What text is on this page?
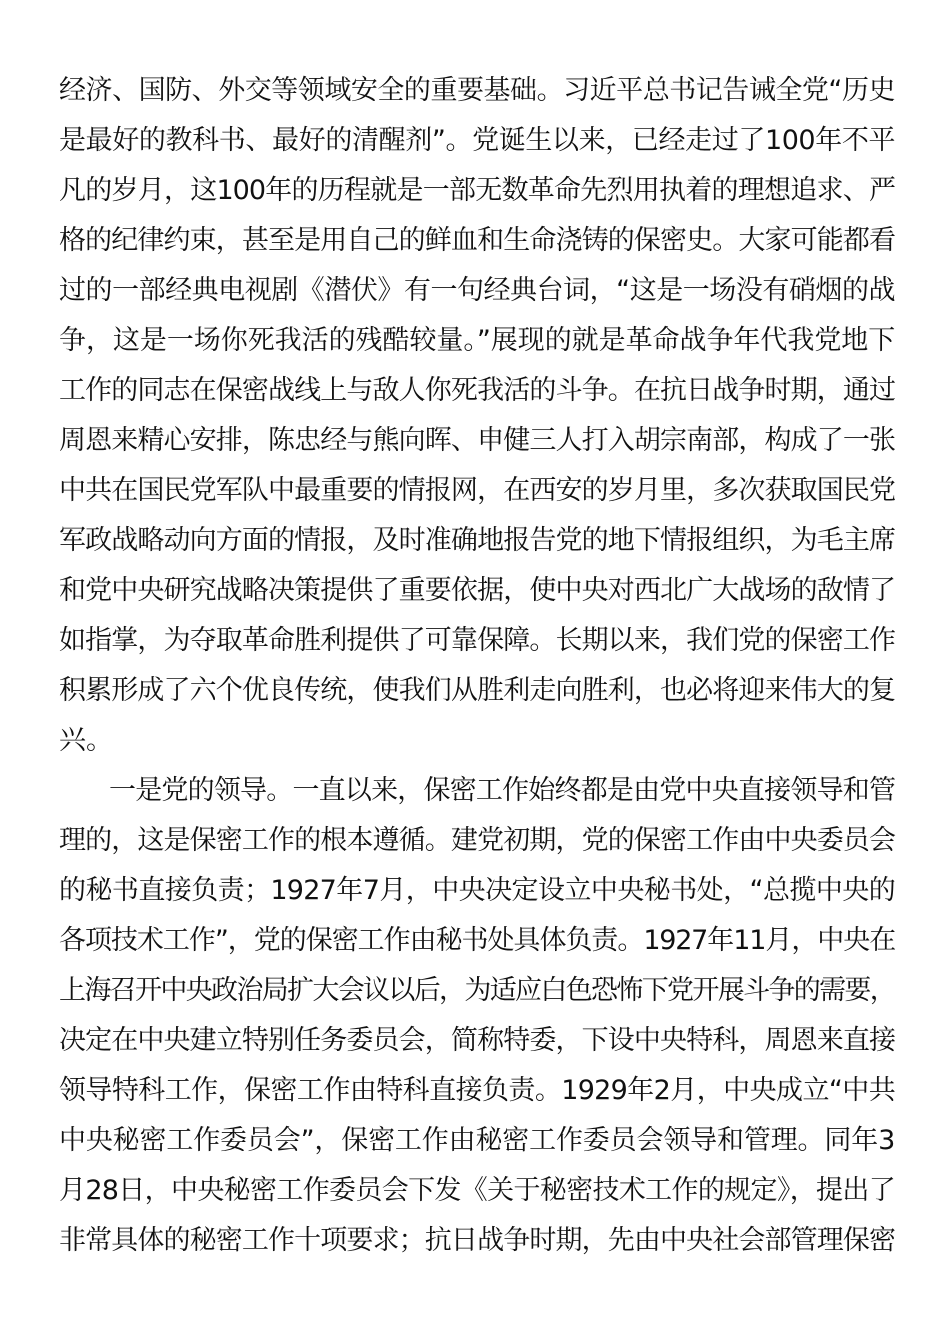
经济、国防、外交等领域安全的重要基础。习近平总书记告诫全党“历史
是最好的教科书、最好的清醒剂”。党诞生以来，已经走过了100年不平
凡的岁月，这100年的历程就是一部无数革命先烈用执着的理想追求、严
格的纪律约束，甚至是用自己的鲜血和生命浇铸的保密史。大家可能都看
过的一部经典电视剧《潜伏》有一句经典台词，“这是一场没有硝烟的战
争，这是一场你死我活的残酷较量。”展现的就是革命战争年代我党地下
工作的同志在保密战线上与敌人你死我活的斗争。在抗日战争时期，通过
周恩来精心安排，陈忠经与熊向晖、申健三人打入胡宗南部，构成了一张
中共在国民党军队中最重要的情报网，在西安的岁月里，多次获取国民党
军政战略动向方面的情报，及时准确地报告党的地下情报组织，为毛主席
和党中央研究战略决策提供了重要依据，使中央对西北广大战场的敌情了
如指掌，为夺取革命胜利提供了可靠保障。长期以来，我们党的保密工作
积累形成了六个优良传统，使我们从胜利走向胜利，也必将迎来伟大的复
兴。
一是党的领导。一直以来，保密工作始终都是由党中央直接领导和管
理的，这是保密工作的根本遵循。建党初期，党的保密工作由中央委员会
的秘书直接负责；1927年7月，中央决定设立中央秘书处，“总揽中央的
各项技术工作”，党的保密工作由秘书处具体负责。1927年11月，中央在
上海召开中央政治局扩大会议以后，为适应白色恐怖下党开展斗争的需要，
决定在中央建立特别任务委员会，简称特委，下设中央特科，周恩来直接
领导特科工作，保密工作由特科直接负责。1929年2月，中央成立“中共
中央秘密工作委员会”，保密工作由秘密工作委员会领导和管理。同年3
月28日，中央秘密工作委员会下发《关于秘密技术工作的规定》，提出了
非常具体的秘密工作十项要求；抗日战争时期，先由中央社会部管理保密
